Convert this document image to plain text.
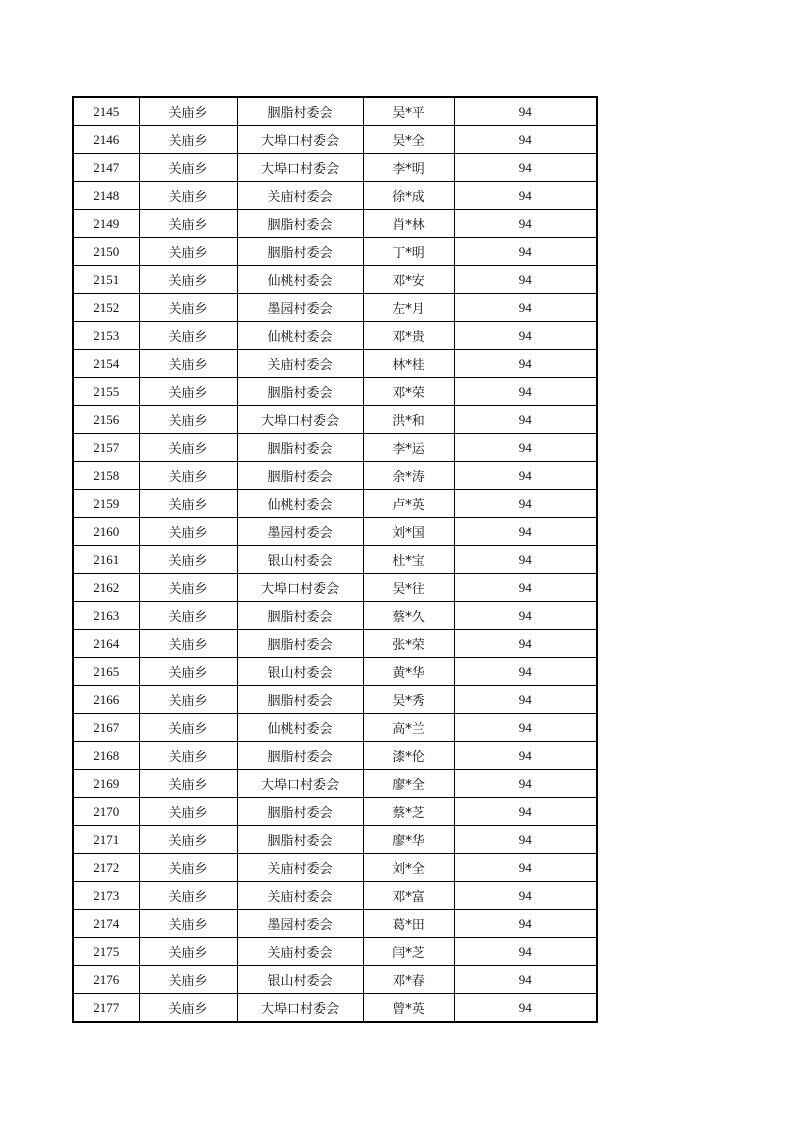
2145	关庙乡	胭脂村委会	吴*平	94
2146	关庙乡	大埠口村委会	吴*全	94
2147	关庙乡	大埠口村委会	李*明	94
2148	关庙乡	关庙村委会	徐*成	94
2149	关庙乡	胭脂村委会	肖*林	94
2150	关庙乡	胭脂村委会	丁*明	94
2151	关庙乡	仙桃村委会	邓*安	94
2152	关庙乡	墨园村委会	左*月	94
2153	关庙乡	仙桃村委会	邓*贵	94
2154	关庙乡	关庙村委会	林*桂	94
2155	关庙乡	胭脂村委会	邓*荣	94
2156	关庙乡	大埠口村委会	洪*和	94
2157	关庙乡	胭脂村委会	李*运	94
2158	关庙乡	胭脂村委会	余*涛	94
2159	关庙乡	仙桃村委会	卢*英	94
2160	关庙乡	墨园村委会	刘*国	94
2161	关庙乡	银山村委会	杜*宝	94
2162	关庙乡	大埠口村委会	吴*往	94
2163	关庙乡	胭脂村委会	蔡*久	94
2164	关庙乡	胭脂村委会	张*荣	94
2165	关庙乡	银山村委会	黄*华	94
2166	关庙乡	胭脂村委会	吴*秀	94
2167	关庙乡	仙桃村委会	高*兰	94
2168	关庙乡	胭脂村委会	漆*伦	94
2169	关庙乡	大埠口村委会	廖*全	94
2170	关庙乡	胭脂村委会	蔡*芝	94
2171	关庙乡	胭脂村委会	廖*华	94
2172	关庙乡	关庙村委会	刘*全	94
2173	关庙乡	关庙村委会	邓*富	94
2174	关庙乡	墨园村委会	葛*田	94
2175	关庙乡	关庙村委会	闫*芝	94
2176	关庙乡	银山村委会	邓*春	94
2177	关庙乡	大埠口村委会	曾*英	94
